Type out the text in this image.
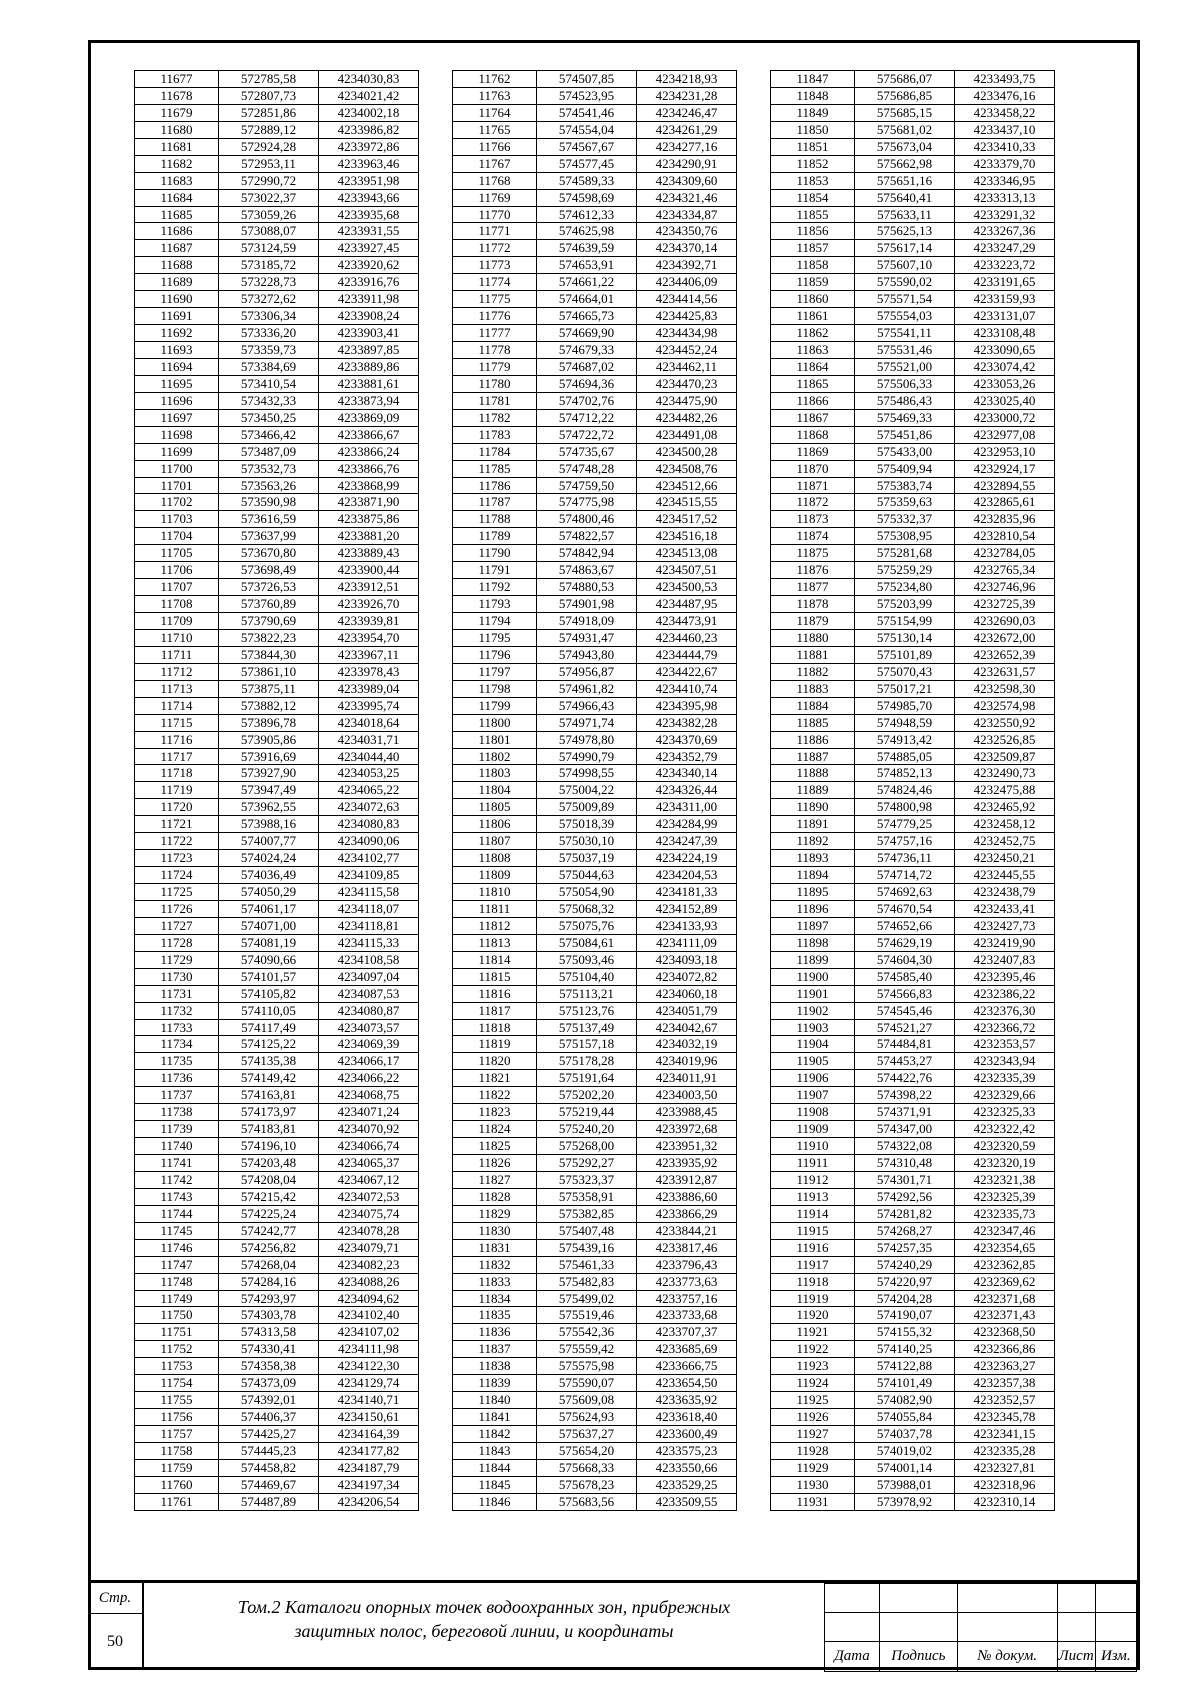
11677	572785,58	4234030,83
11678	572807,73	4234021,42
11679	572851,86	4234002,18
11680	572889,12	4233986,82
11681	572924,28	4233972,86
11682	572953,11	4233963,46
11683	572990,72	4233951,98
11684	573022,37	4233943,66
11685	573059,26	4233935,68
11686	573088,07	4233931,55
11687	573124,59	4233927,45
11688	573185,72	4233920,62
11689	573228,73	4233916,76
11690	573272,62	4233911,98
11691	573306,34	4233908,24
11692	573336,20	4233903,41
11693	573359,73	4233897,85
11694	573384,69	4233889,86
11695	573410,54	4233881,61
11696	573432,33	4233873,94
11697	573450,25	4233869,09
11698	573466,42	4233866,67
11699	573487,09	4233866,24
11700	573532,73	4233866,76
11701	573563,26	4233868,99
11702	573590,98	4233871,90
11703	573616,59	4233875,86
11704	573637,99	4233881,20
11705	573670,80	4233889,43
11706	573698,49	4233900,44
11707	573726,53	4233912,51
11708	573760,89	4233926,70
11709	573790,69	4233939,81
11710	573822,23	4233954,70
11711	573844,30	4233967,11
11712	573861,10	4233978,43
11713	573875,11	4233989,04
11714	573882,12	4233995,74
11715	573896,78	4234018,64
11716	573905,86	4234031,71
11717	573916,69	4234044,40
11718	573927,90	4234053,25
11719	573947,49	4234065,22
11720	573962,55	4234072,63
11721	573988,16	4234080,83
11722	574007,77	4234090,06
11723	574024,24	4234102,77
11724	574036,49	4234109,85
11725	574050,29	4234115,58
11726	574061,17	4234118,07
11727	574071,00	4234118,81
11728	574081,19	4234115,33
11729	574090,66	4234108,58
11730	574101,57	4234097,04
11731	574105,82	4234087,53
11732	574110,05	4234080,87
11733	574117,49	4234073,57
11734	574125,22	4234069,39
11735	574135,38	4234066,17
11736	574149,42	4234066,22
11737	574163,81	4234068,75
11738	574173,97	4234071,24
11739	574183,81	4234070,92
11740	574196,10	4234066,74
11741	574203,48	4234065,37
11742	574208,04	4234067,12
11743	574215,42	4234072,53
11744	574225,24	4234075,74
11745	574242,77	4234078,28
11746	574256,82	4234079,71
11747	574268,04	4234082,23
11748	574284,16	4234088,26
11749	574293,97	4234094,62
11750	574303,78	4234102,40
11751	574313,58	4234107,02
11752	574330,41	4234111,98
11753	574358,38	4234122,30
11754	574373,09	4234129,74
11755	574392,01	4234140,71
11756	574406,37	4234150,61
11757	574425,27	4234164,39
11758	574445,23	4234177,82
11759	574458,82	4234187,79
11760	574469,67	4234197,34
11761	574487,89	4234206,54
11762	574507,85	4234218,93
11763	574523,95	4234231,28
11764	574541,46	4234246,47
11765	574554,04	4234261,29
11766	574567,67	4234277,16
11767	574577,45	4234290,91
11768	574589,33	4234309,60
11769	574598,69	4234321,46
11770	574612,33	4234334,87
11771	574625,98	4234350,76
11772	574639,59	4234370,14
11773	574653,91	4234392,71
11774	574661,22	4234406,09
11775	574664,01	4234414,56
11776	574665,73	4234425,83
11777	574669,90	4234434,98
11778	574679,33	4234452,24
11779	574687,02	4234462,11
11780	574694,36	4234470,23
11781	574702,76	4234475,90
11782	574712,22	4234482,26
11783	574722,72	4234491,08
11784	574735,67	4234500,28
11785	574748,28	4234508,76
11786	574759,50	4234512,66
11787	574775,98	4234515,55
11788	574800,46	4234517,52
11789	574822,57	4234516,18
11790	574842,94	4234513,08
11791	574863,67	4234507,51
11792	574880,53	4234500,53
11793	574901,98	4234487,95
11794	574918,09	4234473,91
11795	574931,47	4234460,23
11796	574943,80	4234444,79
11797	574956,87	4234422,67
11798	574961,82	4234410,74
11799	574966,43	4234395,98
11800	574971,74	4234382,28
11801	574978,80	4234370,69
11802	574990,79	4234352,79
11803	574998,55	4234340,14
11804	575004,22	4234326,44
11805	575009,89	4234311,00
11806	575018,39	4234284,99
11807	575030,10	4234247,39
11808	575037,19	4234224,19
11809	575044,63	4234204,53
11810	575054,90	4234181,33
11811	575068,32	4234152,89
11812	575075,76	4234133,93
11813	575084,61	4234111,09
11814	575093,46	4234093,18
11815	575104,40	4234072,82
11816	575113,21	4234060,18
11817	575123,76	4234051,79
11818	575137,49	4234042,67
11819	575157,18	4234032,19
11820	575178,28	4234019,96
11821	575191,64	4234011,91
11822	575202,20	4234003,50
11823	575219,44	4233988,45
11824	575240,20	4233972,68
11825	575268,00	4233951,32
11826	575292,27	4233935,92
11827	575323,37	4233912,87
11828	575358,91	4233886,60
11829	575382,85	4233866,29
11830	575407,48	4233844,21
11831	575439,16	4233817,46
11832	575461,33	4233796,43
11833	575482,83	4233773,63
11834	575499,02	4233757,16
11835	575519,46	4233733,68
11836	575542,36	4233707,37
11837	575559,42	4233685,69
11838	575575,98	4233666,75
11839	575590,07	4233654,50
11840	575609,08	4233635,92
11841	575624,93	4233618,40
11842	575637,27	4233600,49
11843	575654,20	4233575,23
11844	575668,33	4233550,66
11845	575678,23	4233529,25
11846	575683,56	4233509,55
11847	575686,07	4233493,75
11848	575686,85	4233476,16
11849	575685,15	4233458,22
11850	575681,02	4233437,10
11851	575673,04	4233410,33
11852	575662,98	4233379,70
11853	575651,16	4233346,95
11854	575640,41	4233313,13
11855	575633,11	4233291,32
11856	575625,13	4233267,36
11857	575617,14	4233247,29
11858	575607,10	4233223,72
11859	575590,02	4233191,65
11860	575571,54	4233159,93
11861	575554,03	4233131,07
11862	575541,11	4233108,48
11863	575531,46	4233090,65
11864	575521,00	4233074,42
11865	575506,33	4233053,26
11866	575486,43	4233025,40
11867	575469,33	4233000,72
11868	575451,86	4232977,08
11869	575433,00	4232953,10
11870	575409,94	4232924,17
11871	575383,74	4232894,55
11872	575359,63	4232865,61
11873	575332,37	4232835,96
11874	575308,95	4232810,54
11875	575281,68	4232784,05
11876	575259,29	4232765,34
11877	575234,80	4232746,96
11878	575203,99	4232725,39
11879	575154,99	4232690,03
11880	575130,14	4232672,00
11881	575101,89	4232652,39
11882	575070,43	4232631,57
11883	575017,21	4232598,30
11884	574985,70	4232574,98
11885	574948,59	4232550,92
11886	574913,42	4232526,85
11887	574885,05	4232509,87
11888	574852,13	4232490,73
11889	574824,46	4232475,88
11890	574800,98	4232465,92
11891	574779,25	4232458,12
11892	574757,16	4232452,75
11893	574736,11	4232450,21
11894	574714,72	4232445,55
11895	574692,63	4232438,79
11896	574670,54	4232433,41
11897	574652,66	4232427,73
11898	574629,19	4232419,90
11899	574604,30	4232407,83
11900	574585,40	4232395,46
11901	574566,83	4232386,22
11902	574545,46	4232376,30
11903	574521,27	4232366,72
11904	574484,81	4232353,57
11905	574453,27	4232343,94
11906	574422,76	4232335,39
11907	574398,22	4232329,66
11908	574371,91	4232325,33
11909	574347,00	4232322,42
11910	574322,08	4232320,59
11911	574310,48	4232320,19
11912	574301,71	4232321,38
11913	574292,56	4232325,39
11914	574281,82	4232335,73
11915	574268,27	4232347,46
11916	574257,35	4232354,65
11917	574240,29	4232362,85
11918	574220,97	4232369,62
11919	574204,28	4232371,68
11920	574190,07	4232371,43
11921	574155,32	4232368,50
11922	574140,25	4232366,86
11923	574122,88	4232363,27
11924	574101,49	4232357,38
11925	574082,90	4232352,57
11926	574055,84	4232345,78
11927	574037,78	4232341,15
11928	574019,02	4232335,28
11929	574001,14	4232327,81
11930	573988,01	4232318,96
11931	573978,92	4232310,14
Стр.
50
Том.2 Каталоги опорных точек водоохранных зон, прибрежных
защитных полос, береговой линии, и координаты

Дата	Подпись	№ докум.	Лист	Изм.
